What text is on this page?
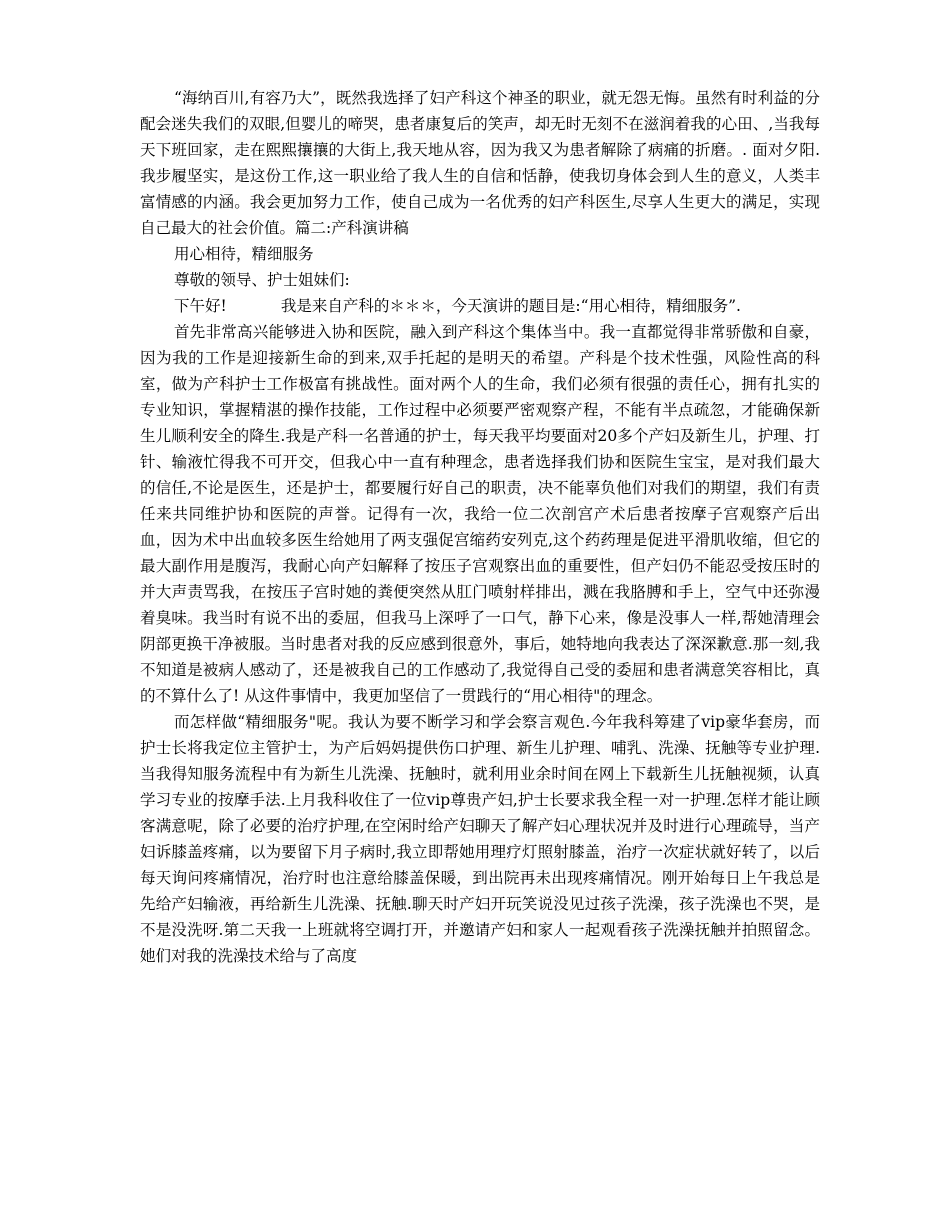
“海纳百川,有容乃大”，既然我选择了妇产科这个神圣的职业，就无怨无悔。虽然有时利益的分配会迷失我们的双眼,但婴儿的啼哭，患者康复后的笑声，却无时无刻不在滋润着我的心田、,当我每天下班回家，走在熙熙攘攘的大街上,我天地从容，因为我又为患者解除了病痛的折磨。. 面对夕阳. 我步履坚实，是这份工作,这一职业给了我人生的自信和恬静，使我切身体会到人生的意义，人类丰富情感的内涵。我会更加努力工作，使自己成为一名优秀的妇产科医生,尽享人生更大的满足，实现自己最大的社会价值。篇二:产科演讲稿

用心相待，精细服务

尊敬的领导、护士姐妹们:

下午好!           我是来自产科的＊＊＊，今天演讲的题目是:“用心相待，精细服务”.

首先非常高兴能够进入协和医院，融入到产科这个集体当中。我一直都觉得非常骄傲和自豪，因为我的工作是迎接新生命的到来,双手托起的是明天的希望。产科是个技术性强，风险性高的科室，做为产科护士工作极富有挑战性。面对两个人的生命，我们必须有很强的责任心，拥有扎实的专业知识，掌握精湛的操作技能，工作过程中必须要严密观察产程，不能有半点疏忽，才能确保新生儿顺利安全的降生.我是产科一名普通的护士，每天我平均要面对20多个产妇及新生儿，护理、打针、输液忙得我不可开交，但我心中一直有种理念，患者选择我们协和医院生宝宝，是对我们最大的信任,不论是医生，还是护士，都要履行好自己的职责，决不能辜负他们对我们的期望，我们有责任来共同维护协和医院的声誉。记得有一次，我给一位二次剖宫产术后患者按摩子宫观察产后出血，因为术中出血较多医生给她用了两支强促宫缩药安列克,这个药药理是促进平滑肌收缩，但它的最大副作用是腹泻，我耐心向产妇解释了按压子宫观察出血的重要性，但产妇仍不能忍受按压时的并大声责骂我，在按压子宫时她的粪便突然从肛门喷射样排出，溅在我胳膊和手上，空气中还弥漫着臭味。我当时有说不出的委屈，但我马上深呼了一口气，静下心来，像是没事人一样,帮她清理会阴部更换干净被服。当时患者对我的反应感到很意外，事后，她特地向我表达了深深歉意.那一刻,我不知道是被病人感动了，还是被我自己的工作感动了,我觉得自己受的委屈和患者满意笑容相比，真的不算什么了! 从这件事情中，我更加坚信了一贯践行的“用心相待"的理念。

而怎样做“精细服务"呢。我认为要不断学习和学会察言观色.今年我科筹建了vip豪华套房，而护士长将我定位主管护士，为产后妈妈提供伤口护理、新生儿护理、哺乳、洗澡、抚触等专业护理.当我得知服务流程中有为新生儿洗澡、抚触时，就利用业余时间在网上下载新生儿抚触视频，认真学习专业的按摩手法.上月我科收住了一位vip尊贵产妇,护士长要求我全程一对一护理.怎样才能让顾客满意呢，除了必要的治疗护理,在空闲时给产妇聊天了解产妇心理状况并及时进行心理疏导，当产妇诉膝盖疼痛，以为要留下月子病时,我立即帮她用理疗灯照射膝盖，治疗一次症状就好转了，以后每天询问疼痛情况，治疗时也注意给膝盖保暖，到出院再未出现疼痛情况。刚开始每日上午我总是先给产妇输液，再给新生儿洗澡、抚触.聊天时产妇开玩笑说没见过孩子洗澡，孩子洗澡也不哭，是不是没洗呀.第二天我一上班就将空调打开，并邀请产妇和家人一起观看孩子洗澡抚触并拍照留念。她们对我的洗澡技术给与了高度
